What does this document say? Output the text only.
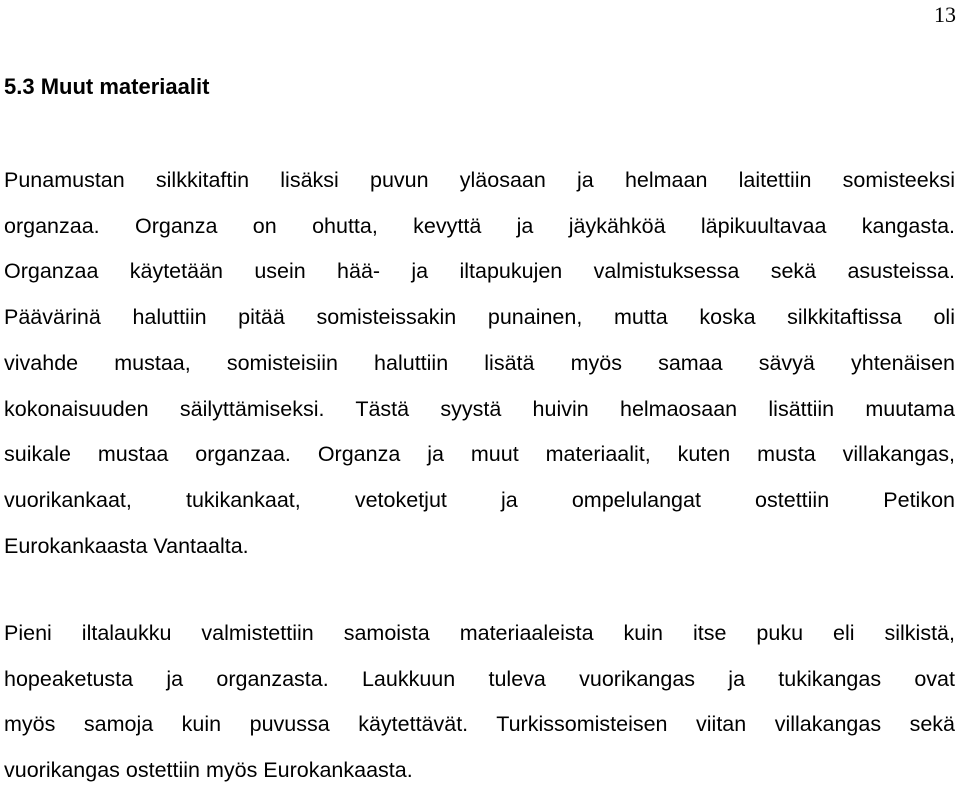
13
5.3 Muut materiaalit
Punamustan silkkitaftin lisäksi puvun yläosaan ja helmaan laitettiin somisteeksi
organzaa. Organza on ohutta, kevyttä ja jäykähköä läpikuultavaa kangasta.
Organzaa käytetään usein hää- ja iltapukujen valmistuksessa sekä asusteissa.
Päävärinä haluttiin pitää somisteissakin punainen, mutta koska silkkitaftissa oli
vivahde mustaa, somisteisiin haluttiin lisätä myös samaa sävyä yhtenäisen
kokonaisuuden säilyttämiseksi. Tästä syystä huivin helmaosaan lisättiin muutama
suikale mustaa organzaa. Organza ja muut materiaalit, kuten musta villakangas,
vuorikankaat, tukikankaat, vetoketjut ja ompelulangat ostettiin Petikon
Eurokankaasta Vantaalta.
Pieni iltalaukku valmistettiin samoista materiaaleista kuin itse puku eli silkistä,
hopeaketusta ja organzasta. Laukkuun tuleva vuorikangas ja tukikangas ovat
myös samoja kuin puvussa käytettävät. Turkissomisteisen viitan villakangas sekä
vuorikangas ostettiin myös Eurokankaasta.
